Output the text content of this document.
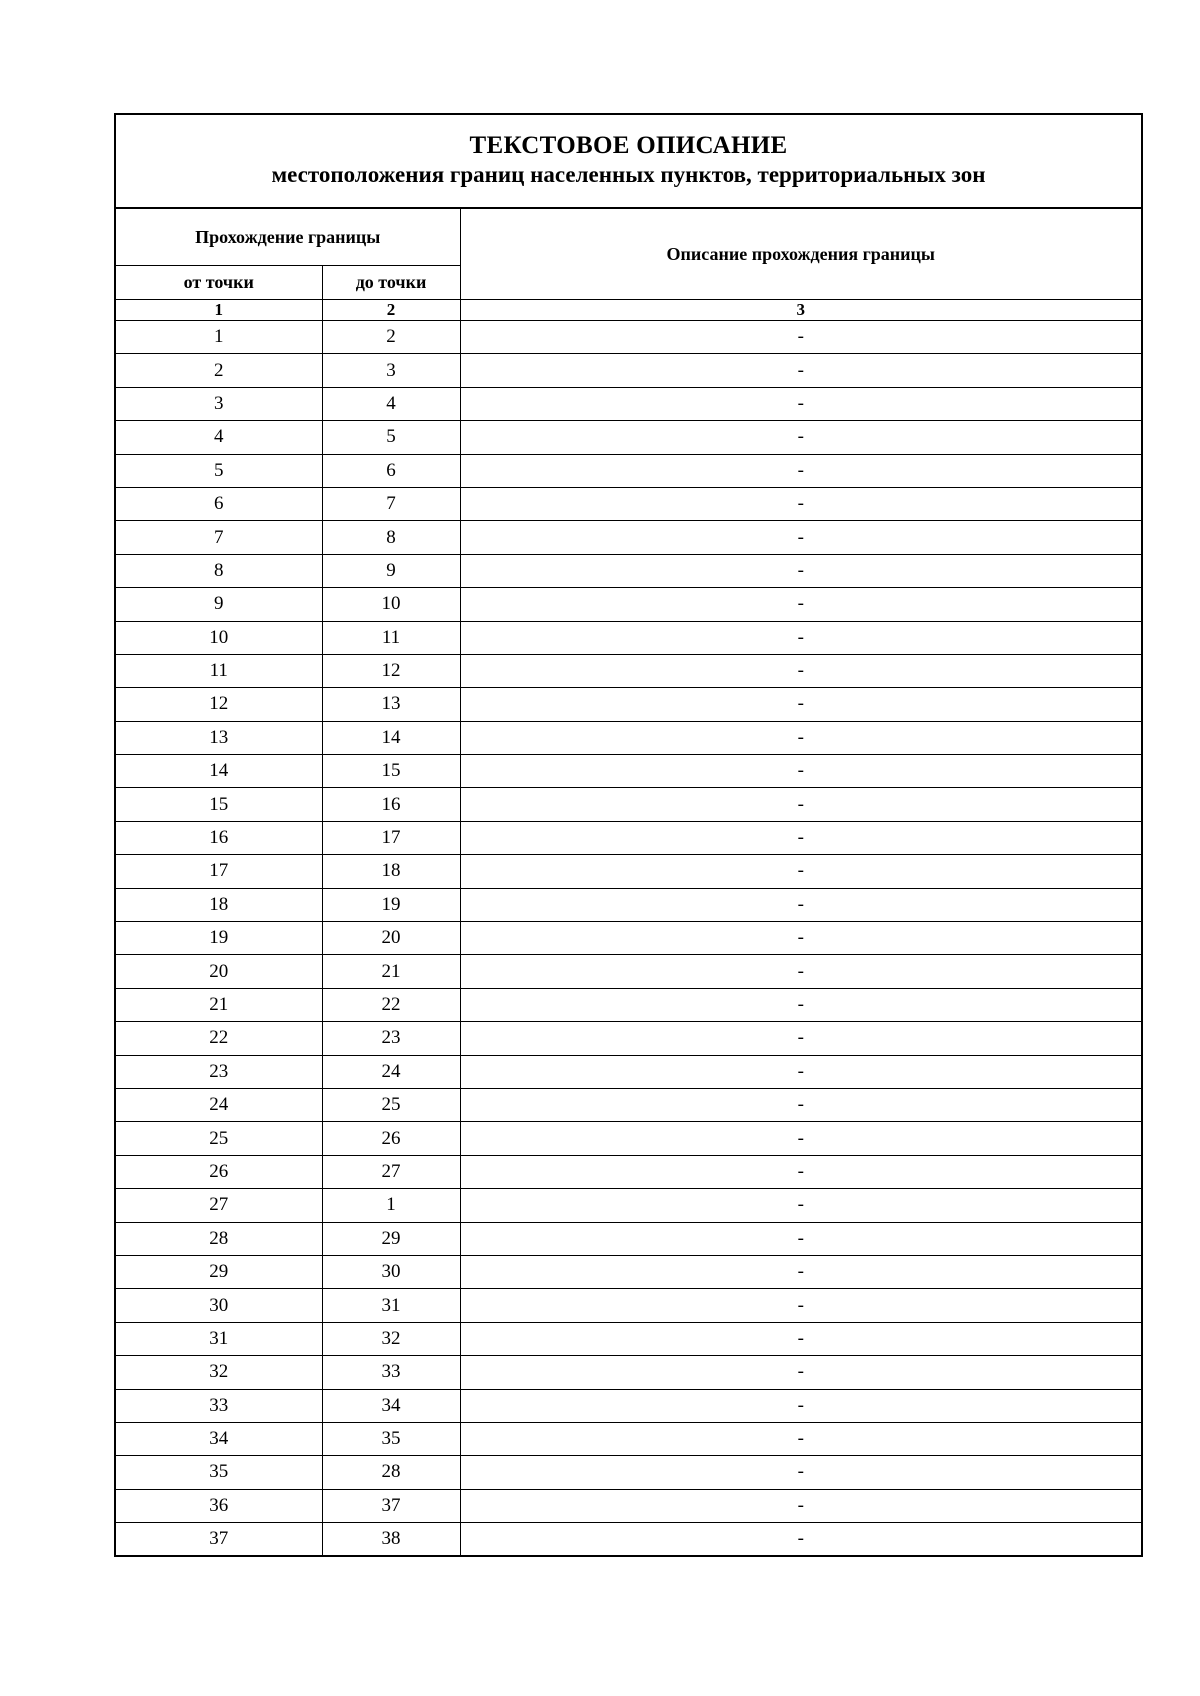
ТЕКСТОВОЕ ОПИСАНИЕ
местоположения границ населенных пунктов, территориальных зон
Прохождение границы		Описание прохождения границы
от точки	до точки	
1	2	3
1	2	-
2	3	-
3	4	-
4	5	-
5	6	-
6	7	-
7	8	-
8	9	-
9	10	-
10	11	-
11	12	-
12	13	-
13	14	-
14	15	-
15	16	-
16	17	-
17	18	-
18	19	-
19	20	-
20	21	-
21	22	-
22	23	-
23	24	-
24	25	-
25	26	-
26	27	-
27	1	-
28	29	-
29	30	-
30	31	-
31	32	-
32	33	-
33	34	-
34	35	-
35	28	-
36	37	-
37	38	-
